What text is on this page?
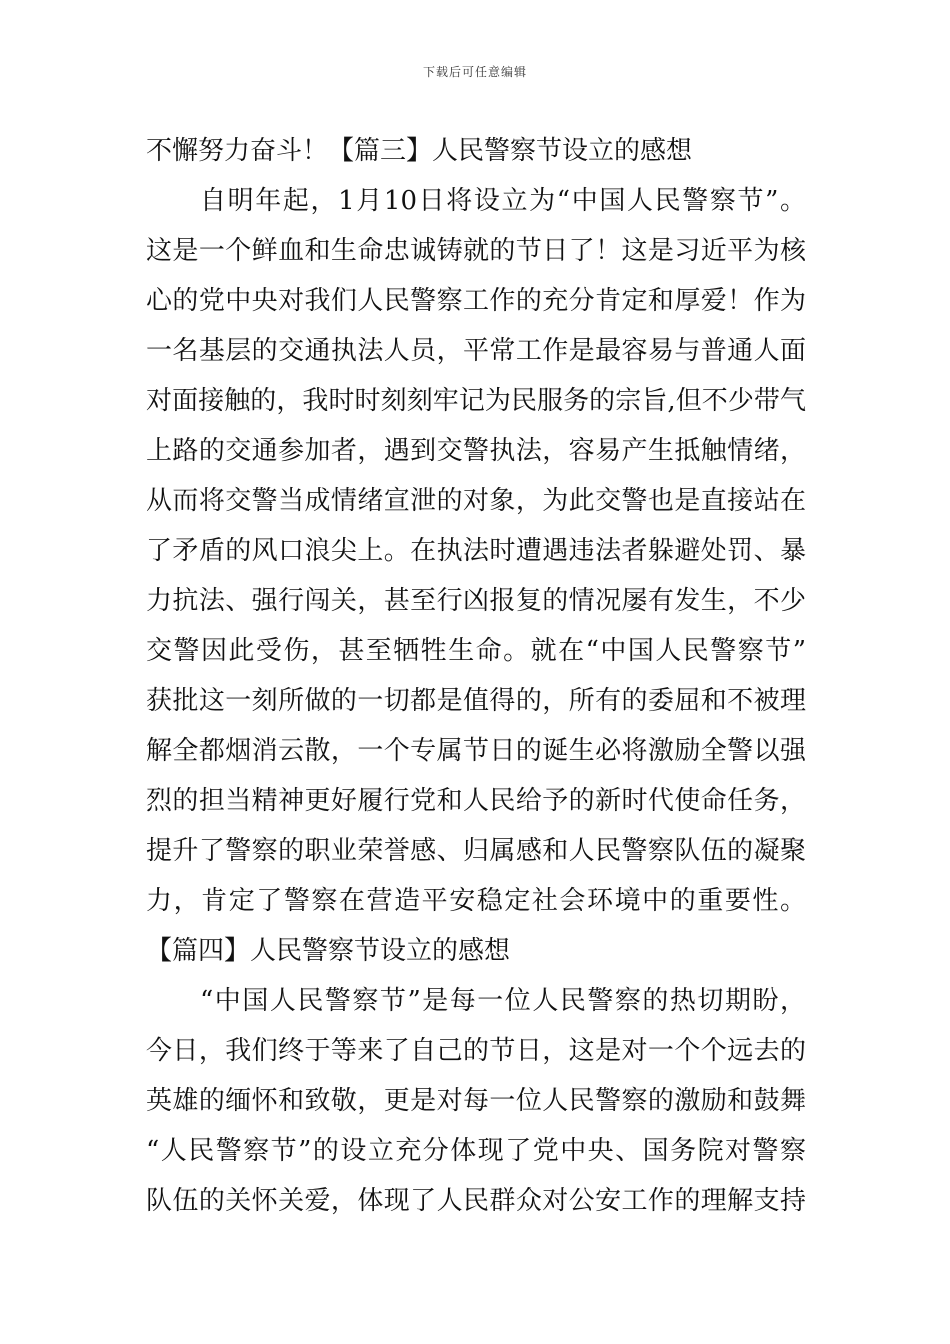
下载后可任意编辑
不懈努力奋斗！【篇三】人民警察节设立的感想
自明年起，1月10日将设立为“中国人民警察节”。
这是一个鲜血和生命忠诚铸就的节日了！这是习近平为核
心的党中央对我们人民警察工作的充分肯定和厚爱！作为
一名基层的交通执法人员，平常工作是最容易与普通人面
对面接触的，我时时刻刻牢记为民服务的宗旨,但不少带气
上路的交通参加者，遇到交警执法，容易产生抵触情绪，
从而将交警当成情绪宣泄的对象，为此交警也是直接站在
了矛盾的风口浪尖上。在执法时遭遇违法者躲避处罚、暴
力抗法、强行闯关，甚至行凶报复的情况屡有发生，不少
交警因此受伤，甚至牺牲生命。就在“中国人民警察节”
获批这一刻所做的一切都是值得的，所有的委屈和不被理
解全都烟消云散，一个专属节日的诞生必将激励全警以强
烈的担当精神更好履行党和人民给予的新时代使命任务，
提升了警察的职业荣誉感、归属感和人民警察队伍的凝聚
力，肯定了警察在营造平安稳定社会环境中的重要性。
【篇四】人民警察节设立的感想
“中国人民警察节”是每一位人民警察的热切期盼，
今日，我们终于等来了自己的节日，这是对一个个远去的
英雄的缅怀和致敬，更是对每一位人民警察的激励和鼓舞
“人民警察节”的设立充分体现了党中央、国务院对警察
队伍的关怀关爱，体现了人民群众对公安工作的理解支持
